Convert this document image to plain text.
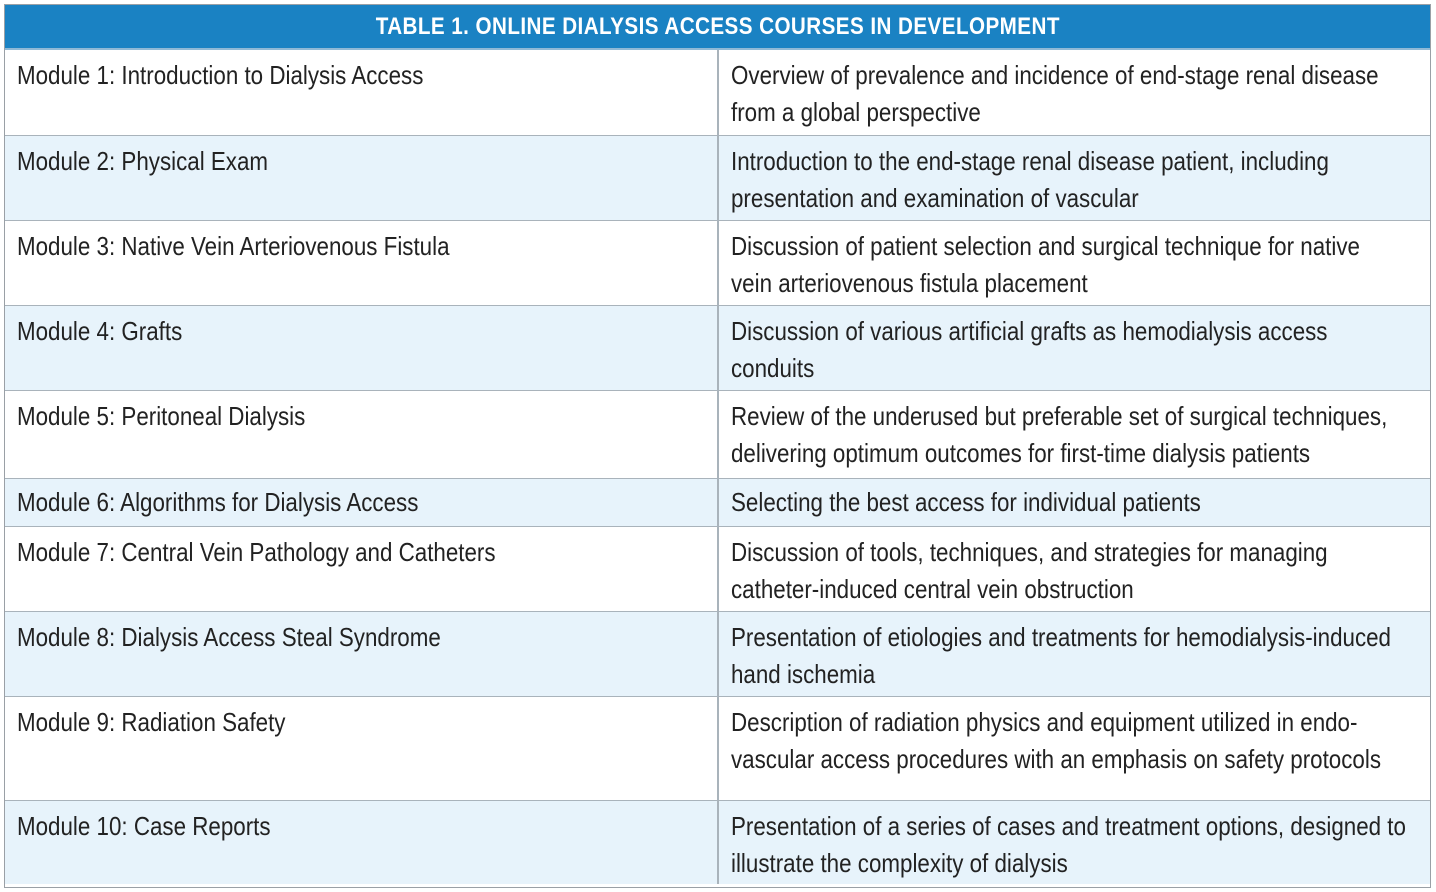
TABLE 1. ONLINE DIALYSIS ACCESS COURSES IN DEVELOPMENT
Module 1: Introduction to Dialysis Access	Overview of prevalence and incidence of end-stage renal disease
from a global perspective

Module 2: Physical Exam	Introduction to the end-stage renal disease patient, including
presentation and examination of vascular

Module 3: Native Vein Arteriovenous Fistula	Discussion of patient selection and surgical technique for native
vein arteriovenous fistula placement

Module 4: Grafts	Discussion of various artificial grafts as hemodialysis access
conduits

Module 5: Peritoneal Dialysis	Review of the underused but preferable set of surgical techniques,
delivering optimum outcomes for first-time dialysis patients

Module 6: Algorithms for Dialysis Access	Selecting the best access for individual patients

Module 7: Central Vein Pathology and Catheters	Discussion of tools, techniques, and strategies for managing
catheter-induced central vein obstruction

Module 8: Dialysis Access Steal Syndrome	Presentation of etiologies and treatments for hemodialysis-induced
hand ischemia

Module 9: Radiation Safety	Description of radiation physics and equipment utilized in endo-
vascular access procedures with an emphasis on safety protocols

Module 10: Case Reports	Presentation of a series of cases and treatment options, designed to
illustrate the complexity of dialysis
